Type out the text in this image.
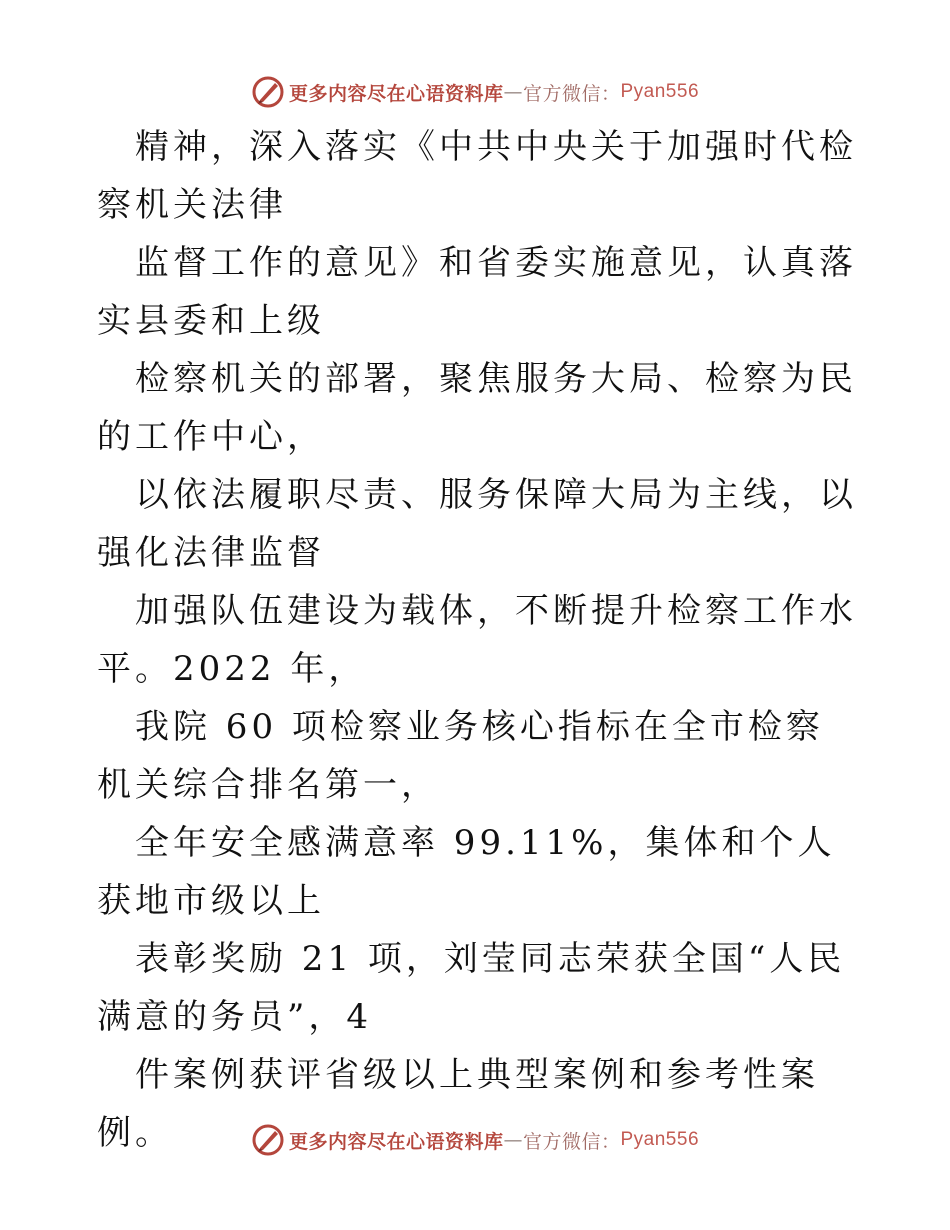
更多内容尽在心语资料库 — 官方微信： Pyan556

精神，深入落实《中共中央关于加强时代检察机关法律

监督工作的意见》和省委实施意见，认真落实县委和上级

检察机关的部署，聚焦服务大局、检察为民的工作中心，

以依法履职尽责、服务保障大局为主线，以强化法律监督

加强队伍建设为载体，不断提升检察工作水平。2022 年，

我院 60 项检察业务核心指标在全市检察机关综合排名第一，

全年安全感满意率 99.11%，集体和个人获地市级以上

表彰奖励 21 项，刘莹同志荣获全国“人民满意的务员”，4

件案例获评省级以上典型案例和参考性案例。	更多内容尽在心语资料库 — 官方微信： Pyan556
